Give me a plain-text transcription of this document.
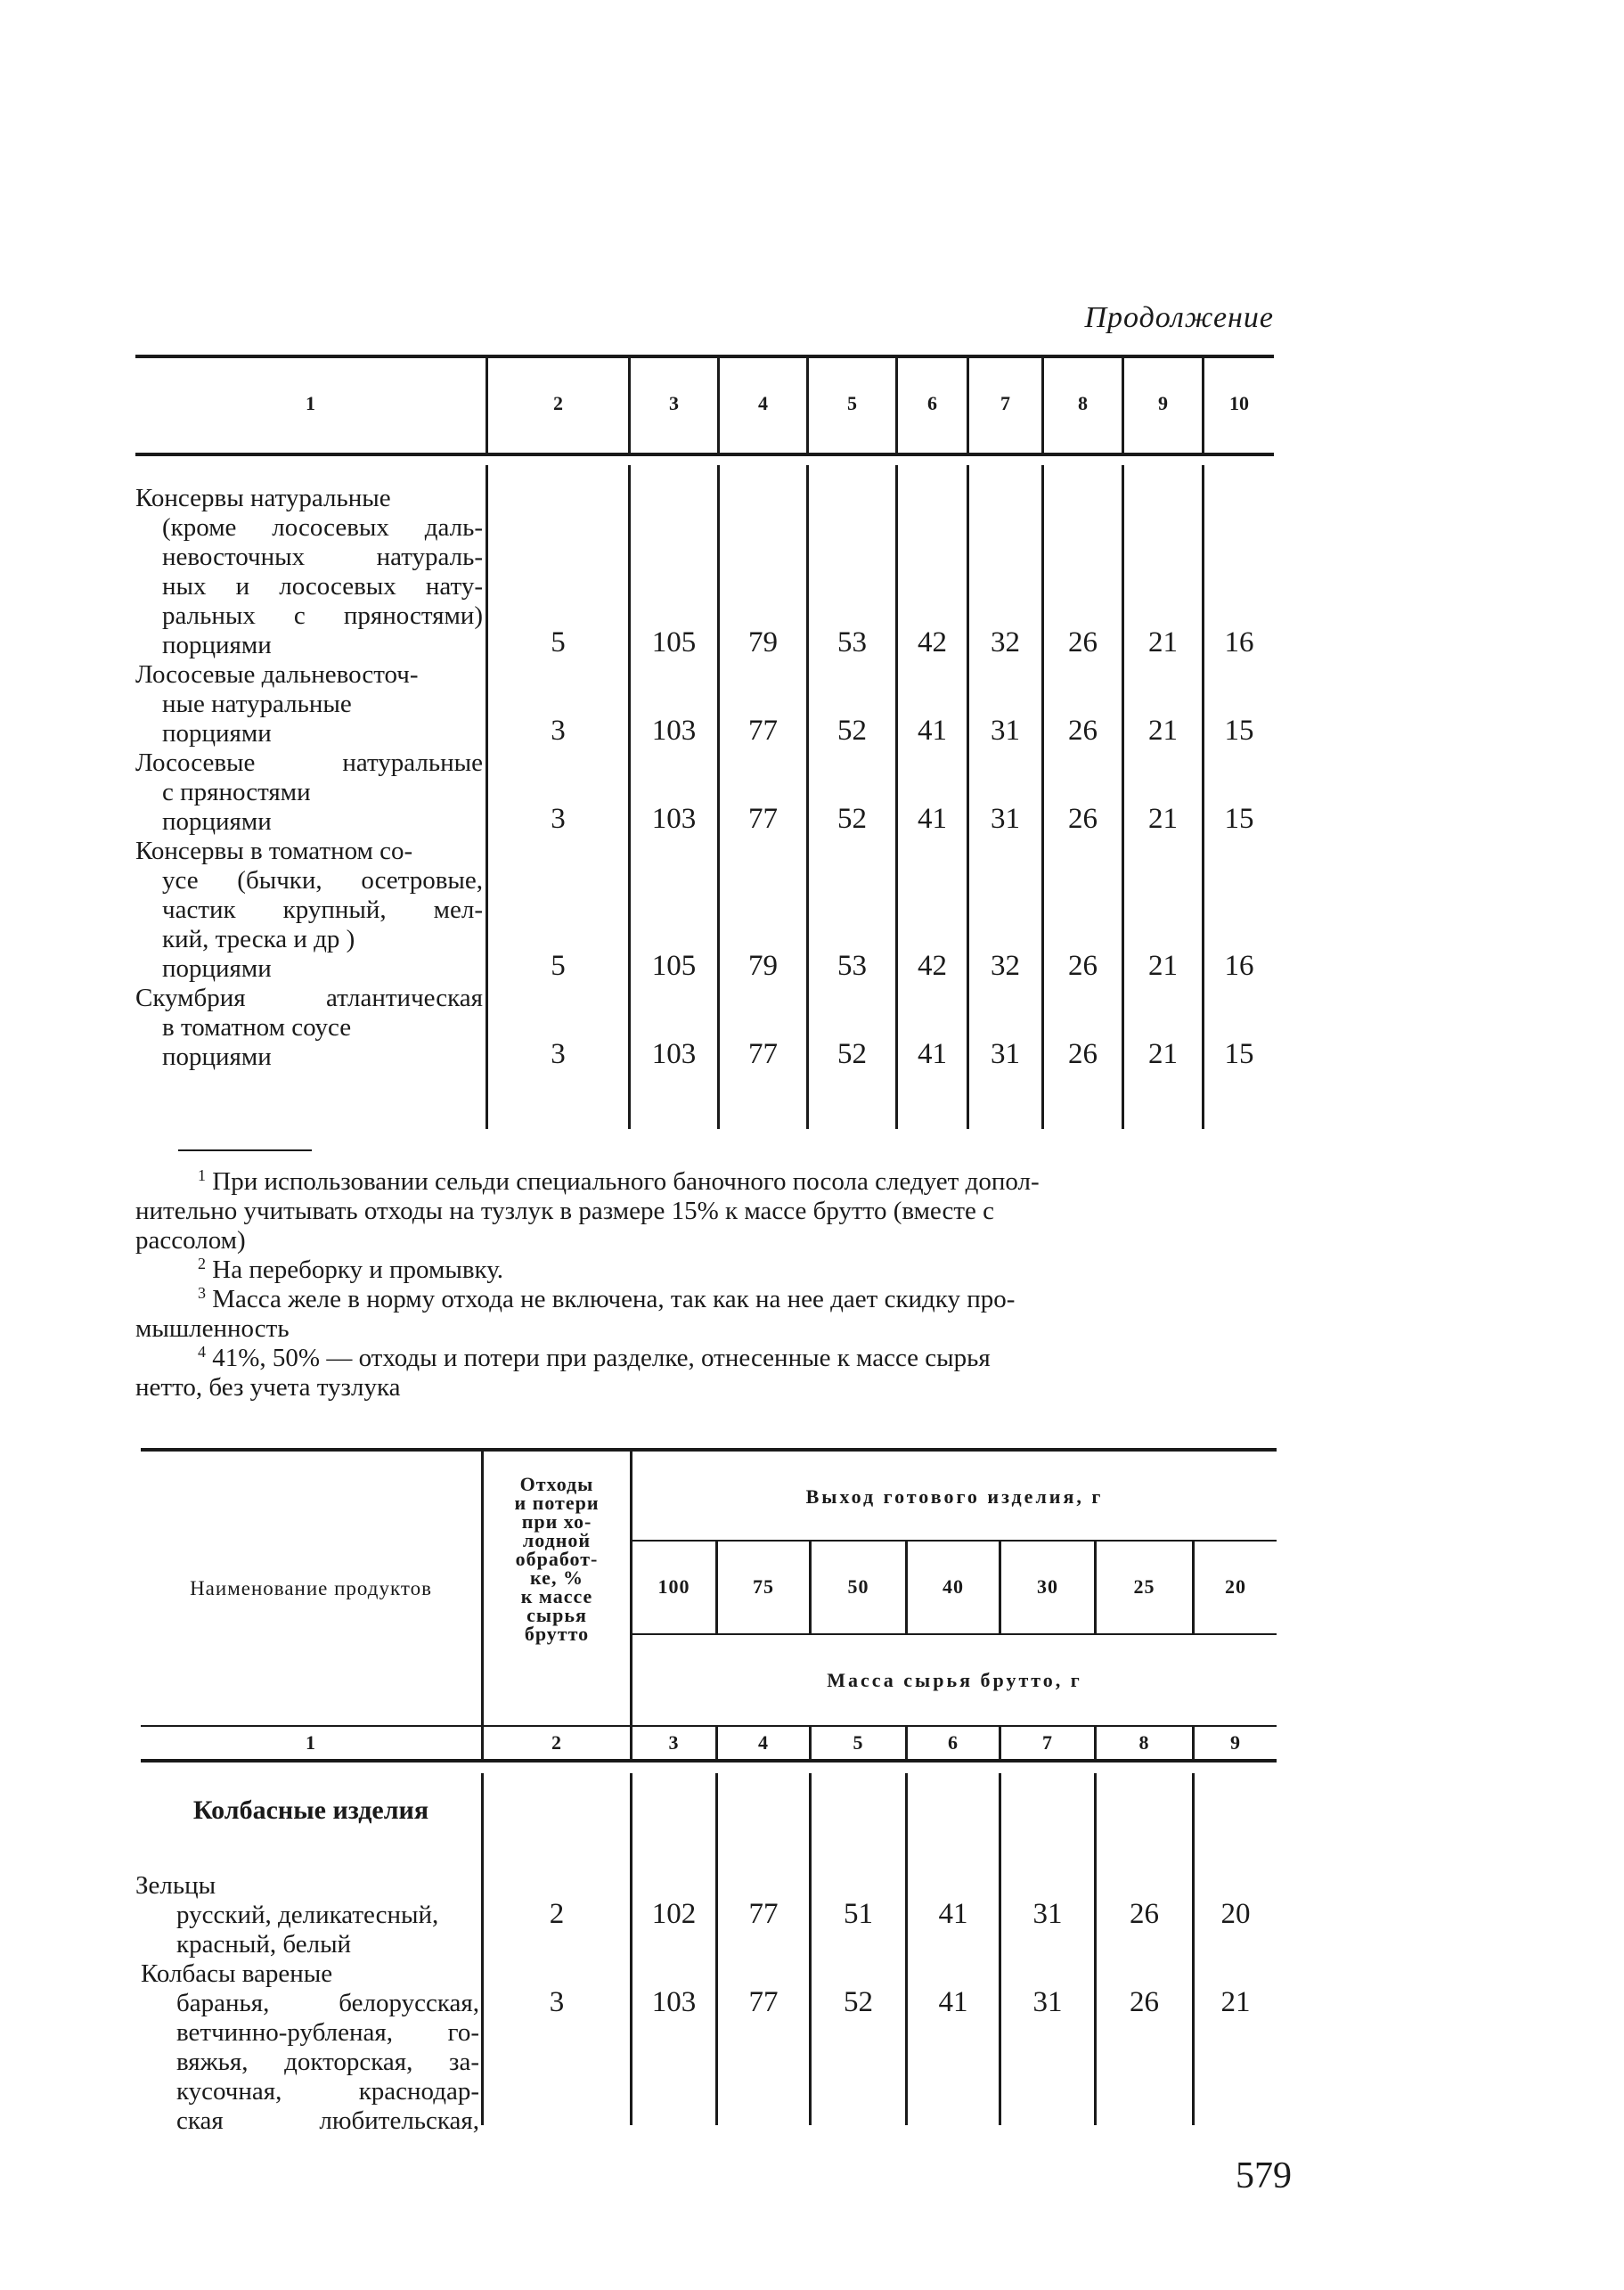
Продолжение
1	2	3	4	5	6	7	8	9	10
Консервы натуральные
(кроме лососевых даль-
невосточных натураль-
ных и лососевых нату-
ральных с пряностями)
порциями	5	105	79	53	42	32	26	21	16
Лососевые дальневосточ-
ные натуральные
порциями	3	103	77	52	41	31	26	21	15
Лососевые натуральные
с пряностями
порциями	3	103	77	52	41	31	26	21	15
Консервы в томатном со-
усе (бычки, осетровые,
частик крупный, мел-
кий, треска и др )
порциями	5	105	79	53	42	32	26	21	16
Скумбрия атлантическая
в томатном соусе
порциями	3	103	77	52	41	31	26	21	15
$^1$ При использовании сельди специального баночного посола следует допол-
нительно учитывать отходы на тузлук в размере 15% к массе брутто (вместе с
рассолом)
$^2$ На переборку и промывку.
$^3$ Масса желе в норму отхода не включена, так как на нее дает скидку про-
мышленность
$^4$ 41%, 50% — отходы и потери при разделке, отнесенные к массе сырья
нетто, без учета тузлука
Наименование продуктов
Отходы
и потери
при хо-
лодной
обработ-
ке, %
к массе
сырья
брутто
Выход готового изделия, г
100	75	50	40	30	25	20
Масса сырья брутто, г
1	2	3	4	5	6	7	8	9
Колбасные изделия
Зельцы
русский, деликатесный,
красный, белый
2	102	77	51	41	31	26	20
Колбасы вареные
баранья, белорусская,
ветчинно-рубленая, го-
вяжья, докторская, за-
кусочная, краснодар-
ская любительская,
3	103	77	52	41	31	26	21
579
